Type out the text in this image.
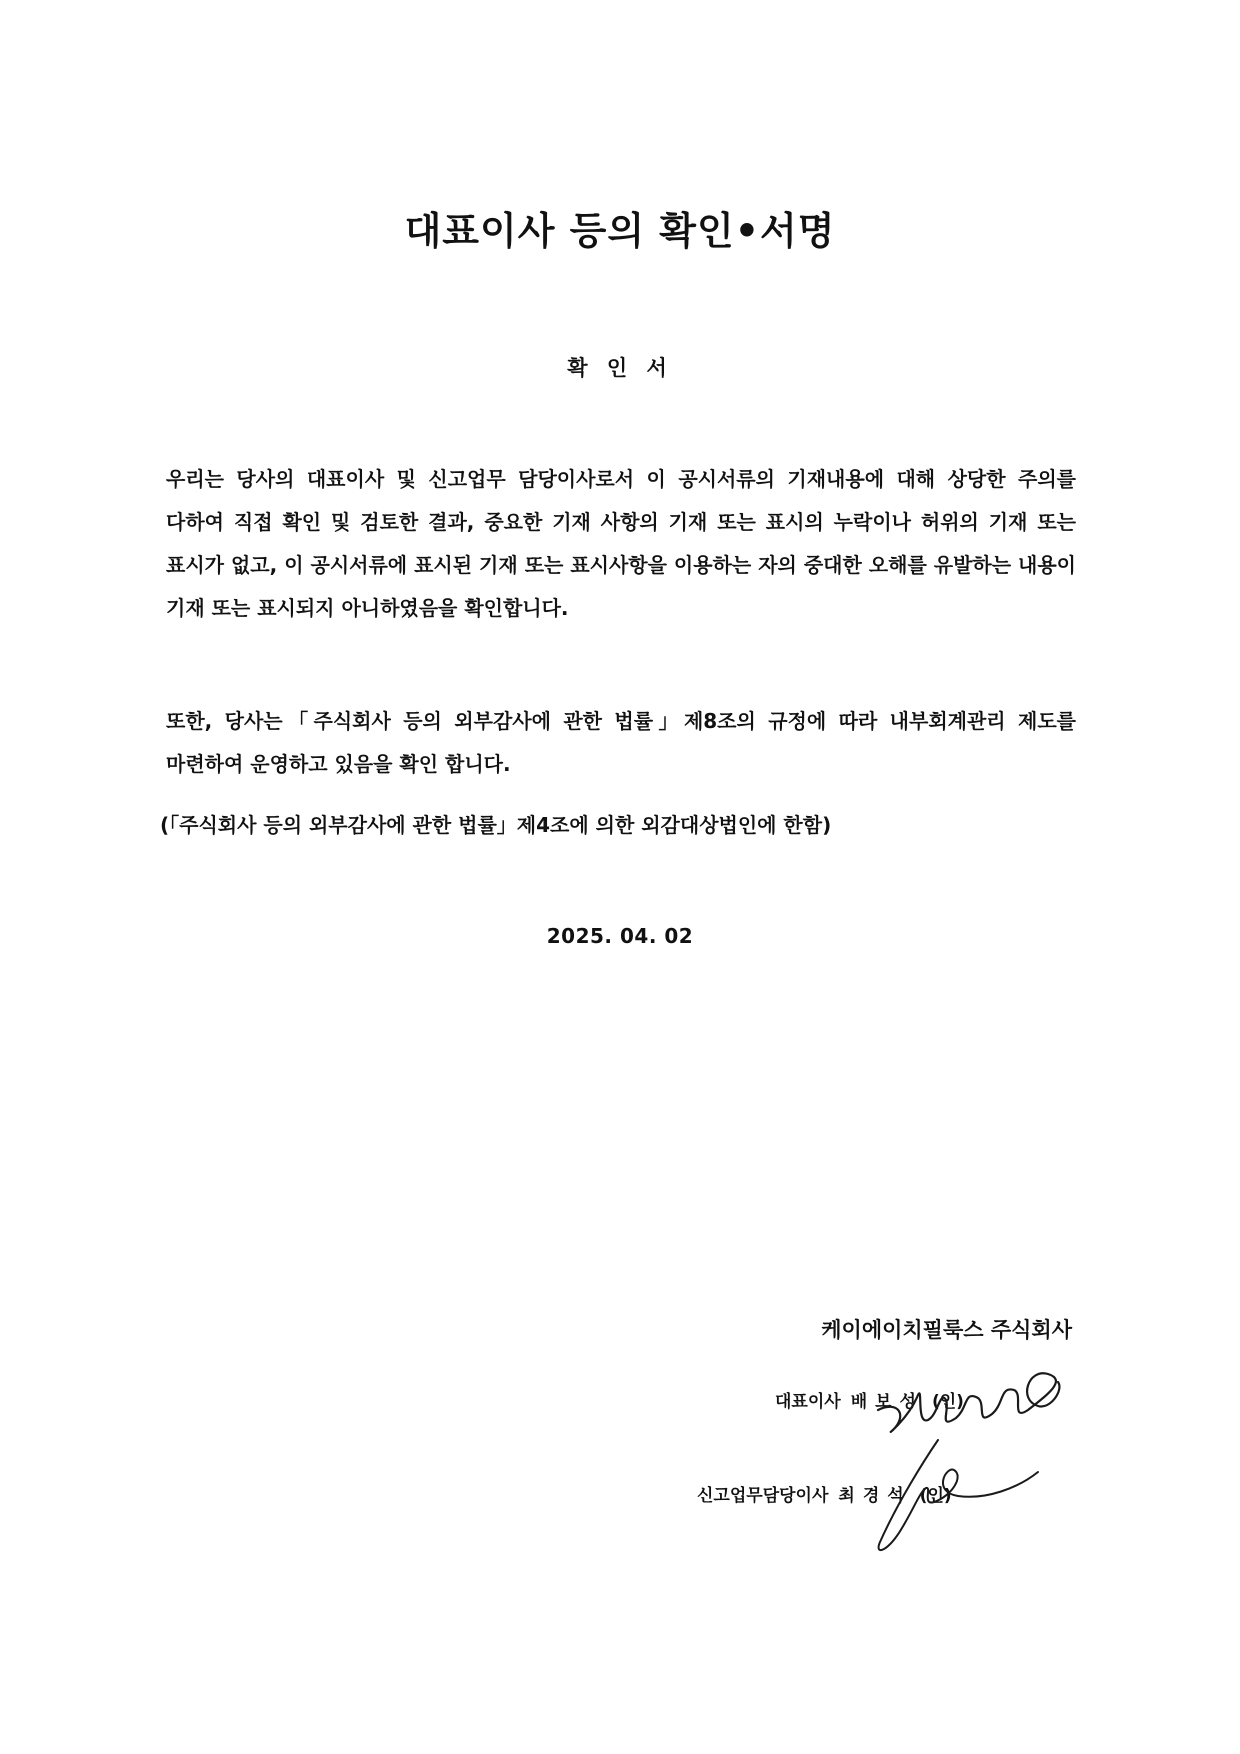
대표이사 등의 확인•서명
확 인 서

우리는 당사의 대표이사 및 신고업무 담당이사로서 이 공시서류의 기재내용에 대해 상당한 주의를 다하여 직접 확인 및 검토한 결과, 중요한 기재 사항의 기재 또는 표시의 누락이나 허위의 기재 또는 표시가 없고, 이 공시서류에 표시된 기재 또는 표시사항을 이용하는 자의 중대한 오해를 유발하는 내용이 기재 또는 표시되지 아니하였음을 확인합니다.

또한, 당사는「주식회사 등의 외부감사에 관한 법률」제8조의 규정에 따라 내부회계관리 제도를 마련하여 운영하고 있음을 확인 합니다.

(「주식회사 등의 외부감사에 관한 법률」제4조에 의한 외감대상법인에 한함)

2025. 04. 02

케이에이치필룩스 주식회사

대표이사 배보성 (인)

신고업무담당이사 최경석 (인)
